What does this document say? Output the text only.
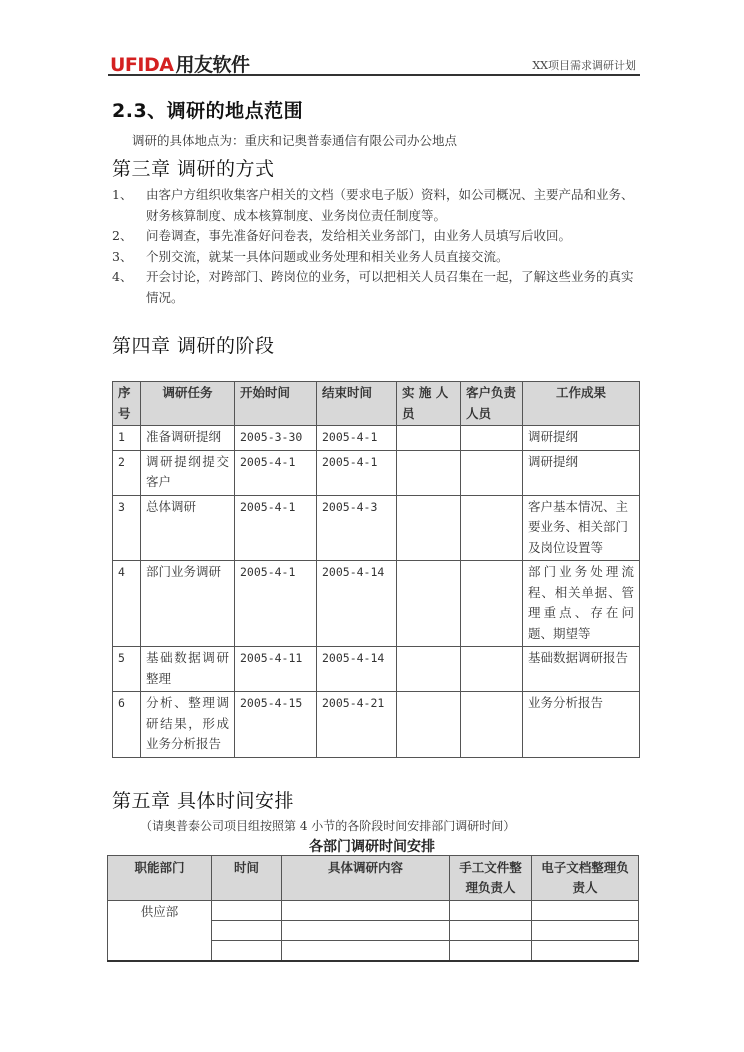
UFIDA 用友软件	XX项目需求调研计划
2.3、调研的地点范围
调研的具体地点为：重庆和记奥普泰通信有限公司办公地点
第三章 调研的方式
1、 由客户方组织收集客户相关的文档（要求电子版）资料，如公司概况、主要产品和业务、财务核算制度、成本核算制度、业务岗位责任制度等。
2、 问卷调查，事先准备好问卷表，发给相关业务部门，由业务人员填写后收回。
3、 个别交流，就某一具体问题或业务处理和相关业务人员直接交流。
4、 开会讨论，对跨部门、跨岗位的业务，可以把相关人员召集在一起，了解这些业务的真实情况。
第四章 调研的阶段
序号	调研任务	开始时间	结束时间	实 施 人 员	客户负责人员	工作成果
1	准备调研提纲	2005-3-30	2005-4-1			调研提纲
2	调研提纲提交客户	2005-4-1	2005-4-1			调研提纲
3	总体调研	2005-4-1	2005-4-3			客户基本情况、主要业务、相关部门及岗位设置等
4	部门业务调研	2005-4-1	2005-4-14			部门业务处理流程、相关单据、管理重点、存在问题、期望等
5	基础数据调研整理	2005-4-11	2005-4-14			基础数据调研报告
6	分析、整理调研结果，形成业务分析报告	2005-4-15	2005-4-21			业务分析报告
第五章 具体时间安排
（请奥普泰公司项目组按照第 4 小节的各阶段时间安排部门调研时间）
各部门调研时间安排
职能部门	时间	具体调研内容	手工文件整理负责人	电子文档整理负责人
供应部				
